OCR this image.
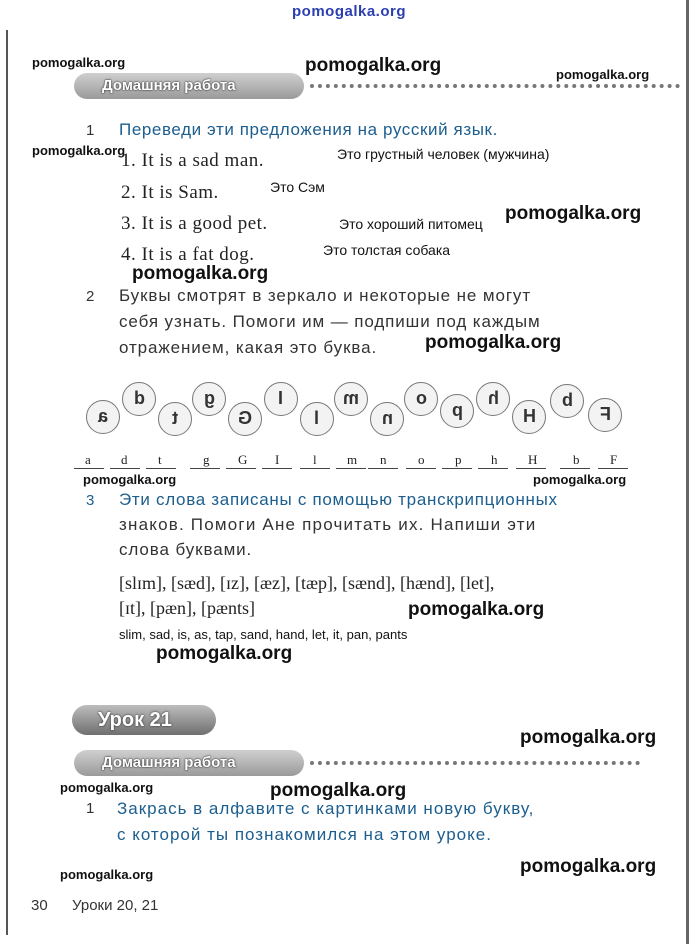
pomogalka.org
pomogalka.org	pomogalka.org	pomogalka.org
pomogalka.org
pomogalka.org
pomogalka.org
pomogalka.org
pomogalka.org	pomogalka.org
pomogalka.org
pomogalka.org
pomogalka.org
pomogalka.org	pomogalka.org
pomogalka.org
pomogalka.org
Домашняя работа
1 Переведи эти предложения на русский язык.
1. It is a sad man.	Это грустный человек (мужчина)
2. It is Sam.	Это Сэм
3. It is a good pet.	Это хороший питомец
4. It is a fat dog.	Это толстая собака
2 Буквы смотрят в зеркало и некоторые не могут
себя узнать. Помоги им — подпиши под каждым
отражением, какая это буква.
a
d
t
g
G
I
l
m
n
o
p
h
H
b
F
a d t	g G I	l m n o p h H	b F
3 Эти слова записаны с помощью транскрипционных
знаков. Помоги Ане прочитать их. Напиши эти
слова буквами.
[slɪm], [sæd], [ɪz], [æz], [tæp], [sænd], [hænd], [let],
[ɪt], [pæn], [pænts]
slim, sad, is, as, tap, sand, hand, let, it, pan, pants
Урок 21
Домашняя работа
1 Закрась в алфавите с картинками новую букву,
с которой ты познакомился на этом уроке.
30 Уроки 20, 21
